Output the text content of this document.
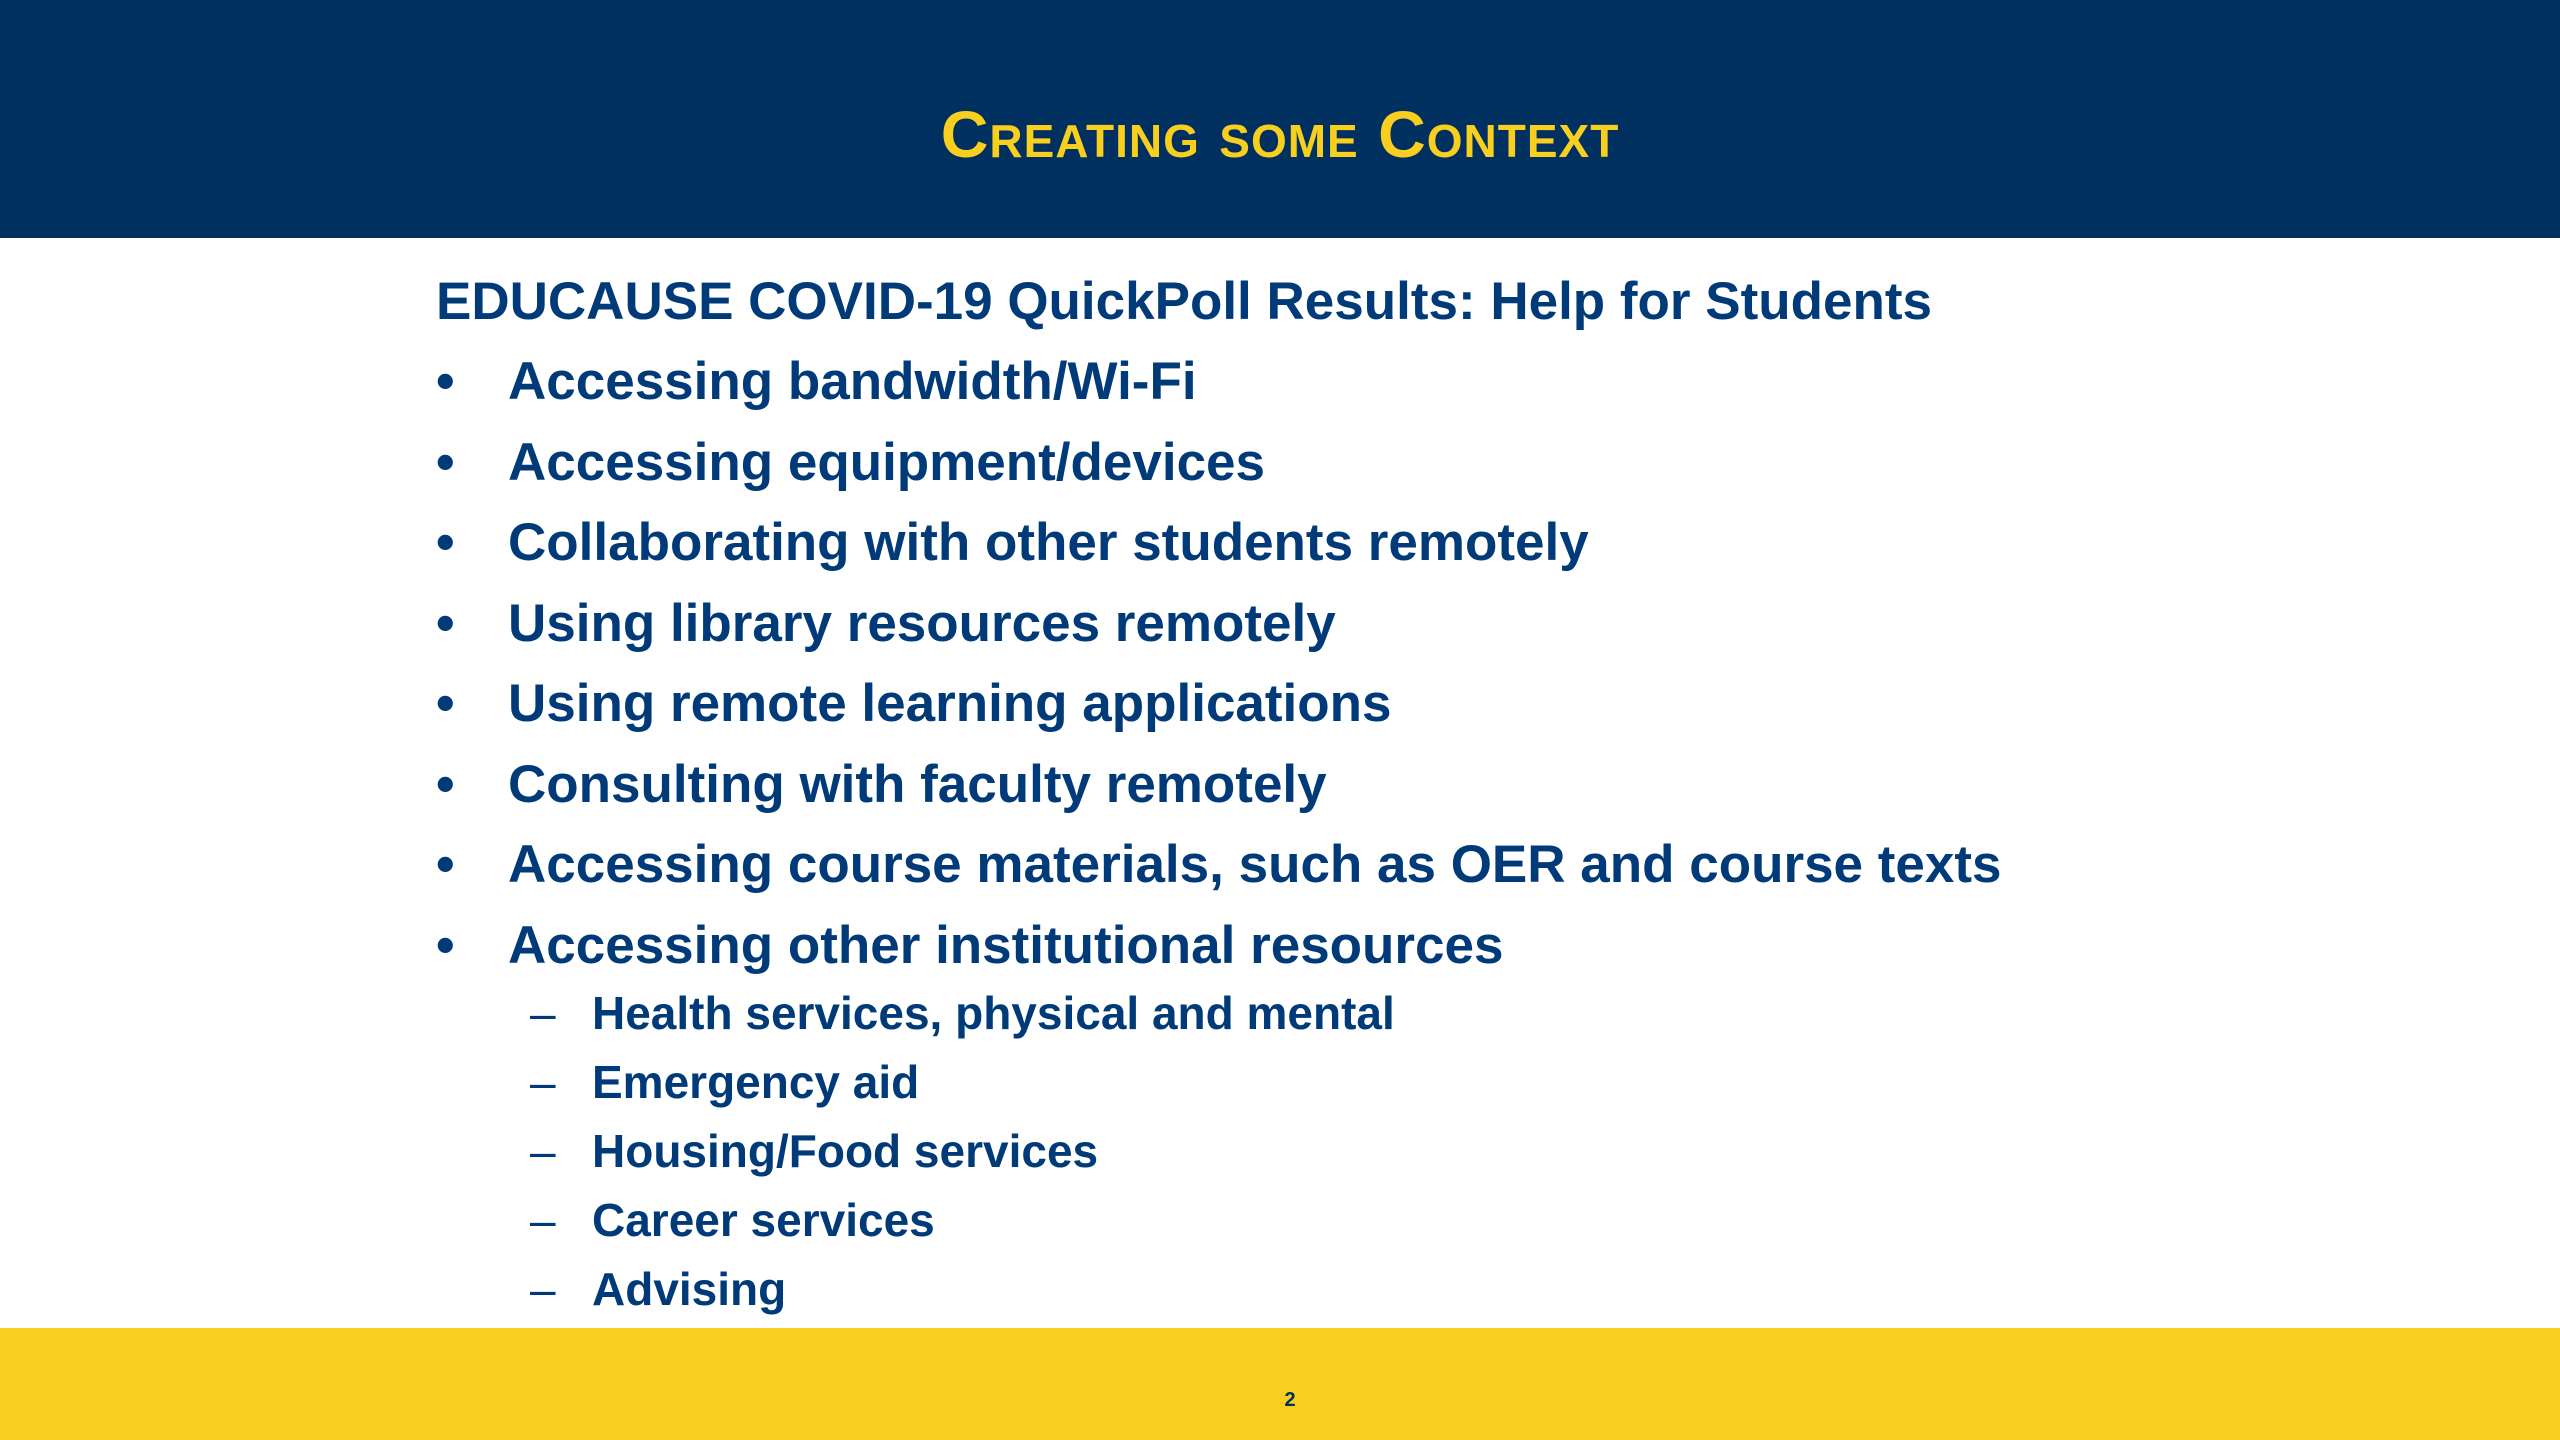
Creating some Context
EDUCAUSE COVID-19 QuickPoll Results: Help for Students
• Accessing bandwidth/Wi-Fi
• Accessing equipment/devices
• Collaborating with other students remotely
• Using library resources remotely
• Using remote learning applications
• Consulting with faculty remotely
• Accessing course materials, such as OER and course texts
• Accessing other institutional resources
– Health services, physical and mental
– Emergency aid
– Housing/Food services
– Career services
– Advising
2
